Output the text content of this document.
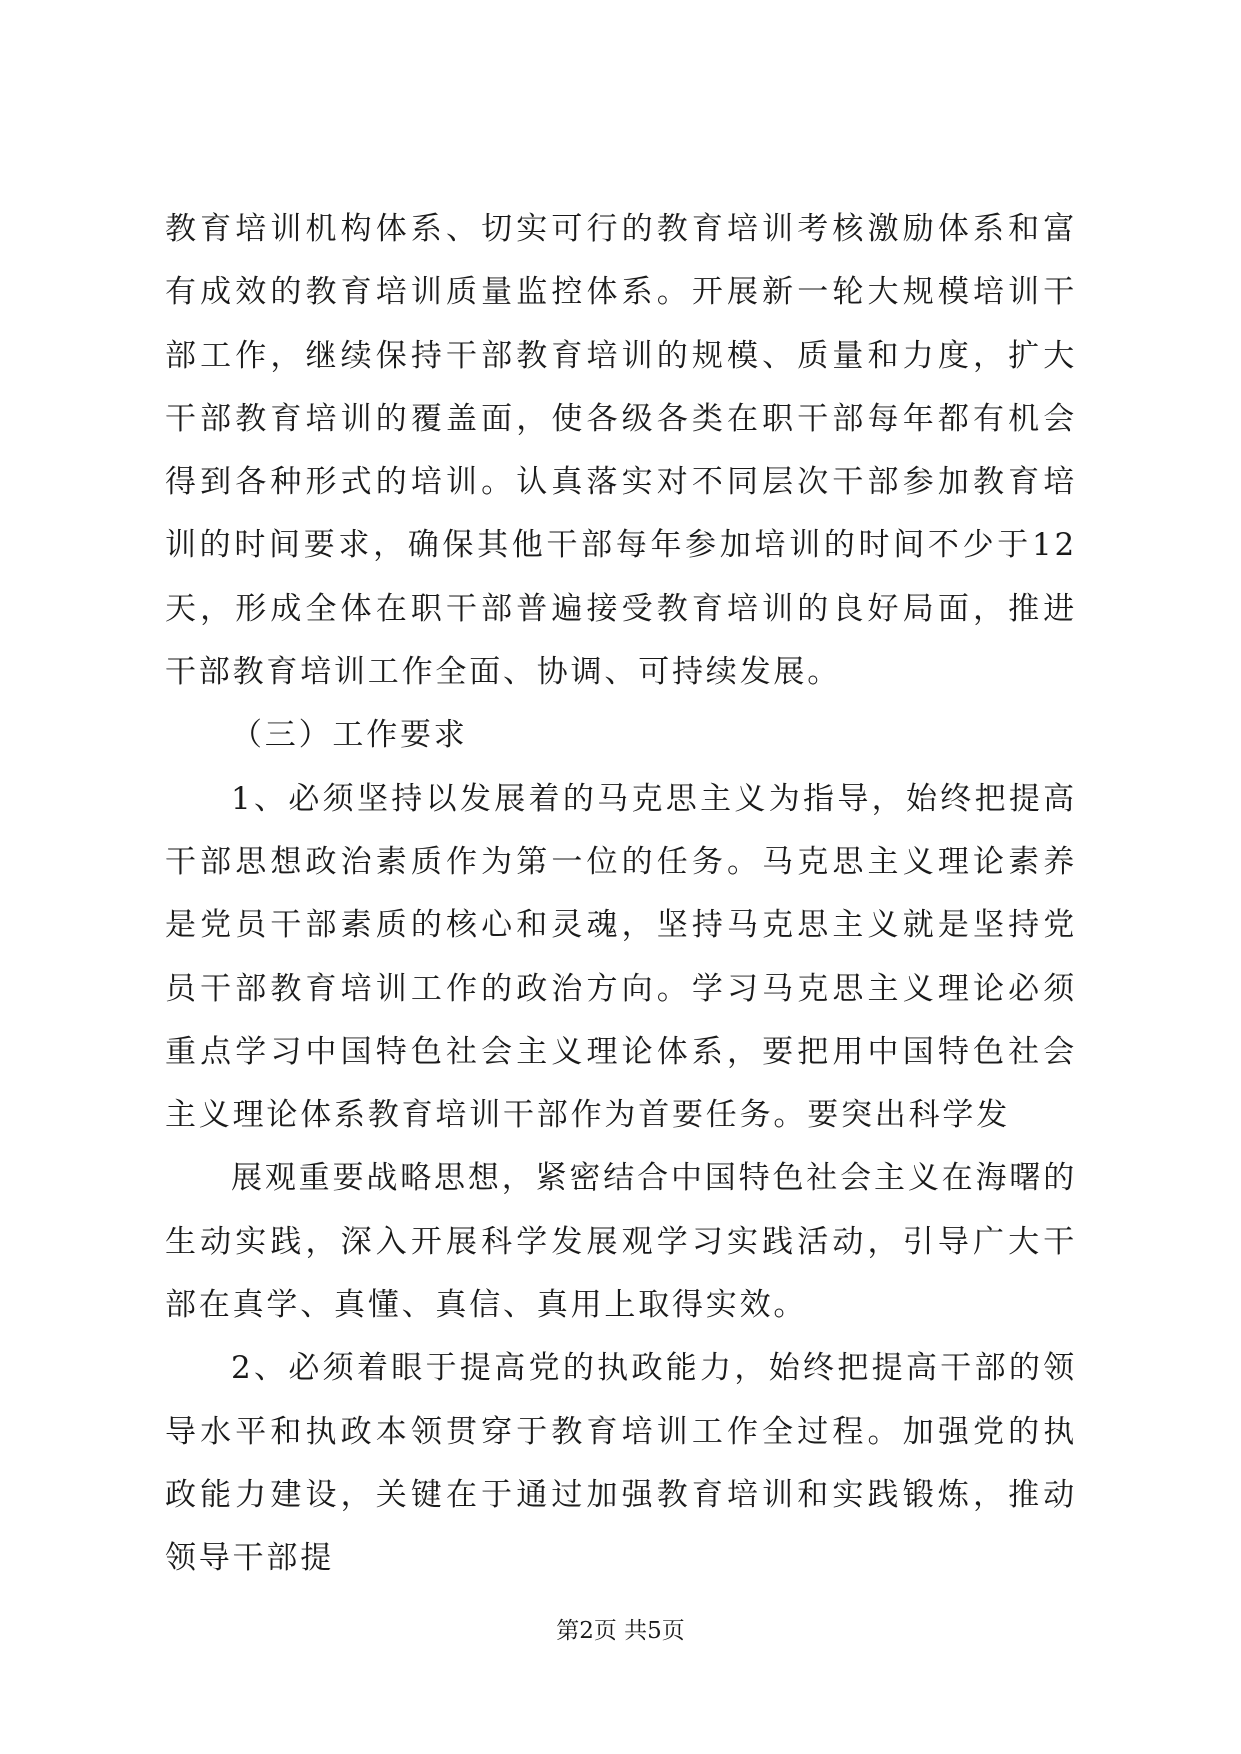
教育培训机构体系、切实可行的教育培训考核激励体系和富有成效的教育培训质量监控体系。开展新一轮大规模培训干部工作，继续保持干部教育培训的规模、质量和力度，扩大干部教育培训的覆盖面，使各级各类在职干部每年都有机会得到各种形式的培训。认真落实对不同层次干部参加教育培训的时间要求，确保其他干部每年参加培训的时间不少于12天，形成全体在职干部普遍接受教育培训的良好局面，推进干部教育培训工作全面、协调、可持续发展。

（三）工作要求

1、必须坚持以发展着的马克思主义为指导，始终把提高干部思想政治素质作为第一位的任务。马克思主义理论素养是党员干部素质的核心和灵魂，坚持马克思主义就是坚持党员干部教育培训工作的政治方向。学习马克思主义理论必须重点学习中国特色社会主义理论体系，要把用中国特色社会主义理论体系教育培训干部作为首要任务。要突出科学发

展观重要战略思想，紧密结合中国特色社会主义在海曙的生动实践，深入开展科学发展观学习实践活动，引导广大干部在真学、真懂、真信、真用上取得实效。

2、必须着眼于提高党的执政能力，始终把提高干部的领导水平和执政本领贯穿于教育培训工作全过程。加强党的执政能力建设，关键在于通过加强教育培训和实践锻炼，推动领导干部提

第2页 共5页
